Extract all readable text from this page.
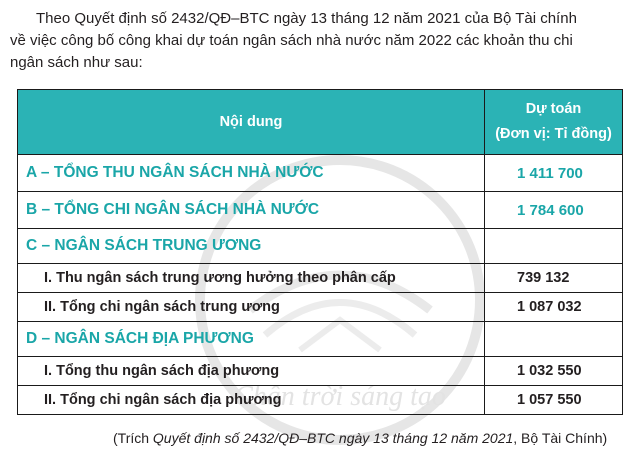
Theo Quyết định số 2432/QĐ–BTC ngày 13 tháng 12 năm 2021 của Bộ Tài chính
về việc công bố công khai dự toán ngân sách nhà nước năm 2022 các khoản thu chi
ngân sách như sau:
Chân trời sáng tạo
Nội dung	Dự toán
(Đơn vị: Tỉ đồng)

A – TỔNG THU NGÂN SÁCH NHÀ NƯỚC	1 411 700
B – TỔNG CHI NGÂN SÁCH NHÀ NƯỚC	1 784 600
C – NGÂN SÁCH TRUNG ƯƠNG	
I. Thu ngân sách trung ương hưởng theo phân cấp	739 132
II. Tổng chi ngân sách trung ương	1 087 032
D – NGÂN SÁCH ĐỊA PHƯƠNG	
I. Tổng thu ngân sách địa phương	1 032 550
II. Tổng chi ngân sách địa phương	1 057 550

(Trích Quyết định số 2432/QĐ–BTC ngày 13 tháng 12 năm 2021, Bộ Tài Chính)
